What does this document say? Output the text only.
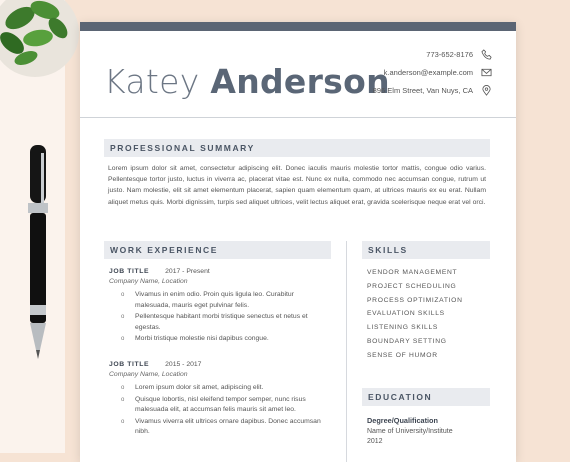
Katey Anderson
773-652-8176
k.anderson@example.com
896 Elm Street, Van Nuys, CA
PROFESSIONAL SUMMARY
Lorem ipsum dolor sit amet, consectetur adipiscing elit. Donec iaculis mauris molestie tortor mattis, congue odio varius. Pellentesque tortor justo, luctus in viverra ac, placerat vitae est. Nunc ex nulla, commodo nec accumsan congue, rutrum ut justo. Nam molestie, elit sit amet elementum placerat, sapien quam elementum quam, at ultrices mauris ex eu erat. Nullam aliquet metus quis. Morbi dignissim, turpis sed aliquet ultrices, velit lectus aliquet erat, gravida scelerisque neque erat vel orci.
WORK EXPERIENCE
JOB TITLE 2017 - Present
Company Name, Location
o Vivamus in enim odio. Proin quis ligula leo. Curabitur malesuada, mauris eget pulvinar felis.
o Pellentesque habitant morbi tristique senectus et netus et egestas.
o Morbi tristique molestie nisi dapibus congue.
JOB TITLE 2015 - 2017
Company Name, Location
o Lorem ipsum dolor sit amet, adipiscing elit.
o Quisque lobortis, nisl eleifend tempor semper, nunc risus malesuada elit, at accumsan felis mauris sit amet leo.
o Vivamus viverra elit ultrices ornare dapibus. Donec accumsan nibh.
SKILLS
VENDOR MANAGEMENT
PROJECT SCHEDULING
PROCESS OPTIMIZATION
EVALUATION SKILLS
LISTENING SKILLS
BOUNDARY SETTING
SENSE OF HUMOR
EDUCATION
Degree/Qualification
Name of University/Institute
2012
